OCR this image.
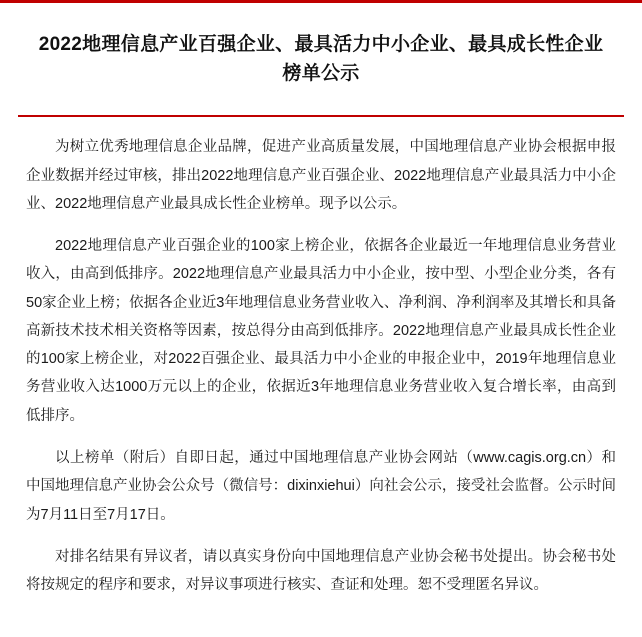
2022地理信息产业百强企业、最具活力中小企业、最具成长性企业榜单公示

为树立优秀地理信息企业品牌，促进产业高质量发展，中国地理信息产业协会根据申报企业数据并经过审核，排出2022地理信息产业百强企业、2022地理信息产业最具活力中小企业、2022地理信息产业最具成长性企业榜单。现予以公示。

2022地理信息产业百强企业的100家上榜企业，依据各企业最近一年地理信息业务营业收入，由高到低排序。2022地理信息产业最具活力中小企业，按中型、小型企业分类，各有50家企业上榜；依据各企业近3年地理信息业务营业收入、净利润、净利润率及其增长和具备高新技术技术相关资格等因素，按总得分由高到低排序。2022地理信息产业最具成长性企业的100家上榜企业，对2022百强企业、最具活力中小企业的申报企业中，2019年地理信息业务营业收入达1000万元以上的企业，依据近3年地理信息业务营业收入复合增长率，由高到低排序。

以上榜单（附后）自即日起，通过中国地理信息产业协会网站（www.cagis.org.cn）和中国地理信息产业协会公众号（微信号：dixinxiehui）向社会公示，接受社会监督。公示时间为7月11日至7月17日。

对排名结果有异议者，请以真实身份向中国地理信息产业协会秘书处提出。协会秘书处将按规定的程序和要求，对异议事项进行核实、查证和处理。恕不受理匿名异议。
